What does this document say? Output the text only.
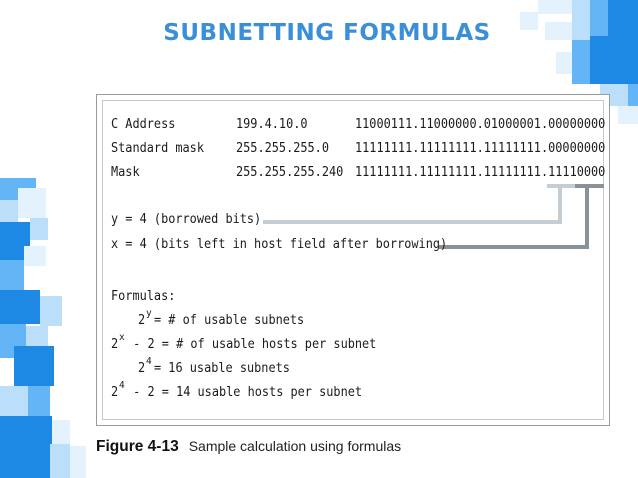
SUBNETTING FORMULAS
C Address	199.4.10.0	11000111.11000000.01000001.00000000
Standard mask 255.255.255.0 11111111.11111111.11111111.00000000
Mask	255.255.255.240 11111111.11111111.11111111.11110000
y = 4 (borrowed bits)
x = 4 (bits left in host field after borrowing)
Formulas:
2 y = # of usable subnets
2 x - 2 = # of usable hosts per subnet
2 4 = 16 usable subnets
2 4 - 2 = 14 usable hosts per subnet
Figure 4-13 Sample calculation using formulas
